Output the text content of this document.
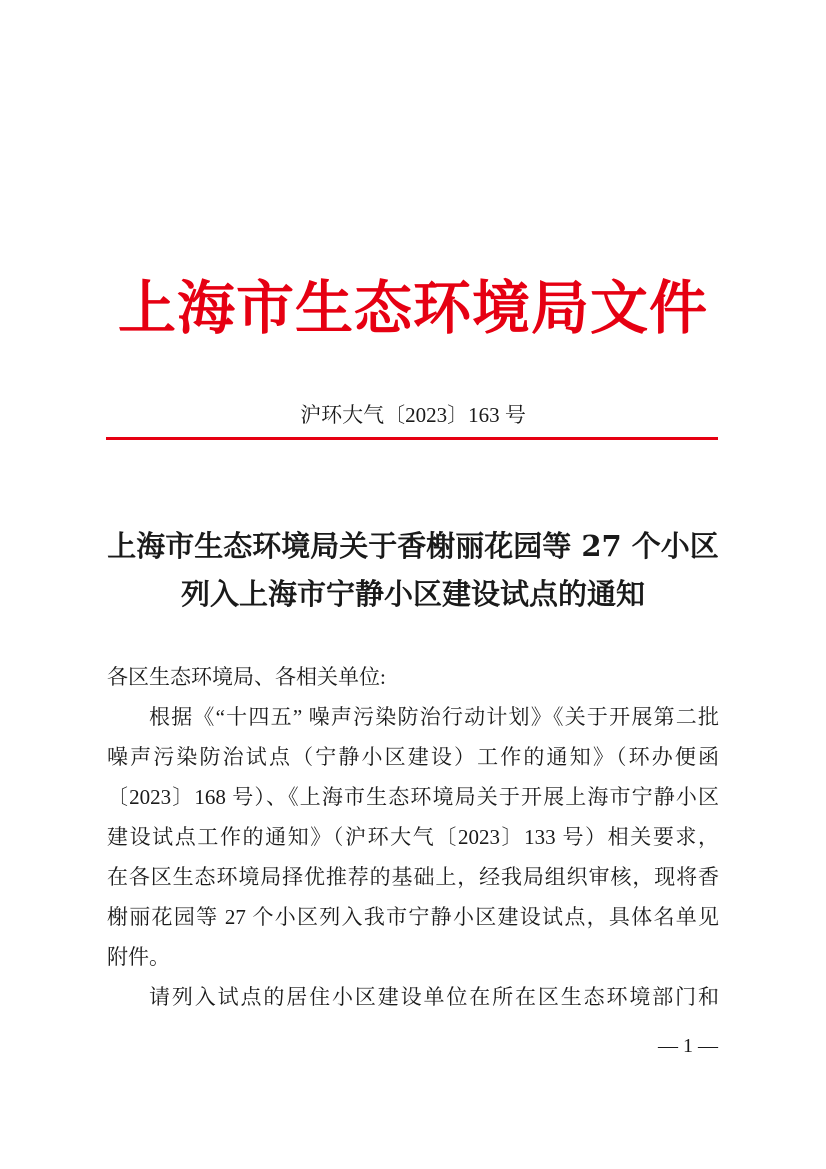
上海市生态环境局文件
沪环大气〔2023〕163 号
上海市生态环境局关于香榭丽花园等 27 个小区
列入上海市宁静小区建设试点的通知
各区生态环境局、各相关单位:
根据《“十四五” 噪声污染防治行动计划》《关于开展第二批
噪声污染防治试点（宁静小区建设）工作的通知》（环办便函
〔2023〕168 号）、《上海市生态环境局关于开展上海市宁静小区
建设试点工作的通知》（沪环大气〔2023〕133 号）相关要求，
在各区生态环境局择优推荐的基础上，经我局组织审核，现将香
榭丽花园等 27 个小区列入我市宁静小区建设试点，具体名单见
附件。
请列入试点的居住小区建设单位在所在区生态环境部门和
— 1 —
